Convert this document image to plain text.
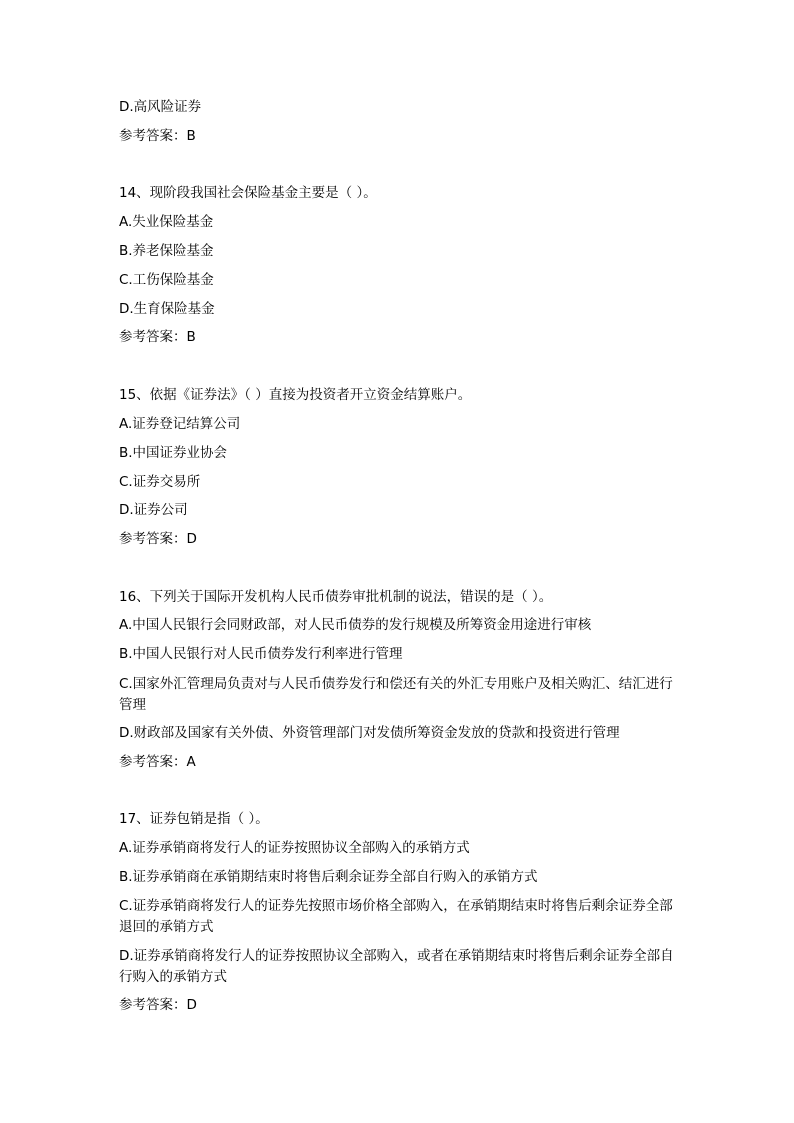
D.高风险证券
参考答案：B
14、现阶段我国社会保险基金主要是（ ）。
A.失业保险基金
B.养老保险基金
C.工伤保险基金
D.生育保险基金
参考答案：B
15、依据《证券法》（ ）直接为投资者开立资金结算账户。
A.证券登记结算公司
B.中国证券业协会
C.证券交易所
D.证券公司
参考答案：D
16、下列关于国际开发机构人民币债券审批机制的说法，错误的是（ ）。
A.中国人民银行会同财政部，对人民币债券的发行规模及所筹资金用途进行审核
B.中国人民银行对人民币债券发行利率进行管理
C.国家外汇管理局负责对与人民币债券发行和偿还有关的外汇专用账户及相关购汇、结汇进行管理
D.财政部及国家有关外债、外资管理部门对发债所筹资金发放的贷款和投资进行管理
参考答案：A
17、证券包销是指（ ）。
A.证券承销商将发行人的证券按照协议全部购入的承销方式
B.证券承销商在承销期结束时将售后剩余证券全部自行购入的承销方式
C.证券承销商将发行人的证券先按照市场价格全部购入，在承销期结束时将售后剩余证券全部退回的承销方式
D.证券承销商将发行人的证券按照协议全部购入，或者在承销期结束时将售后剩余证券全部自行购入的承销方式
参考答案：D
